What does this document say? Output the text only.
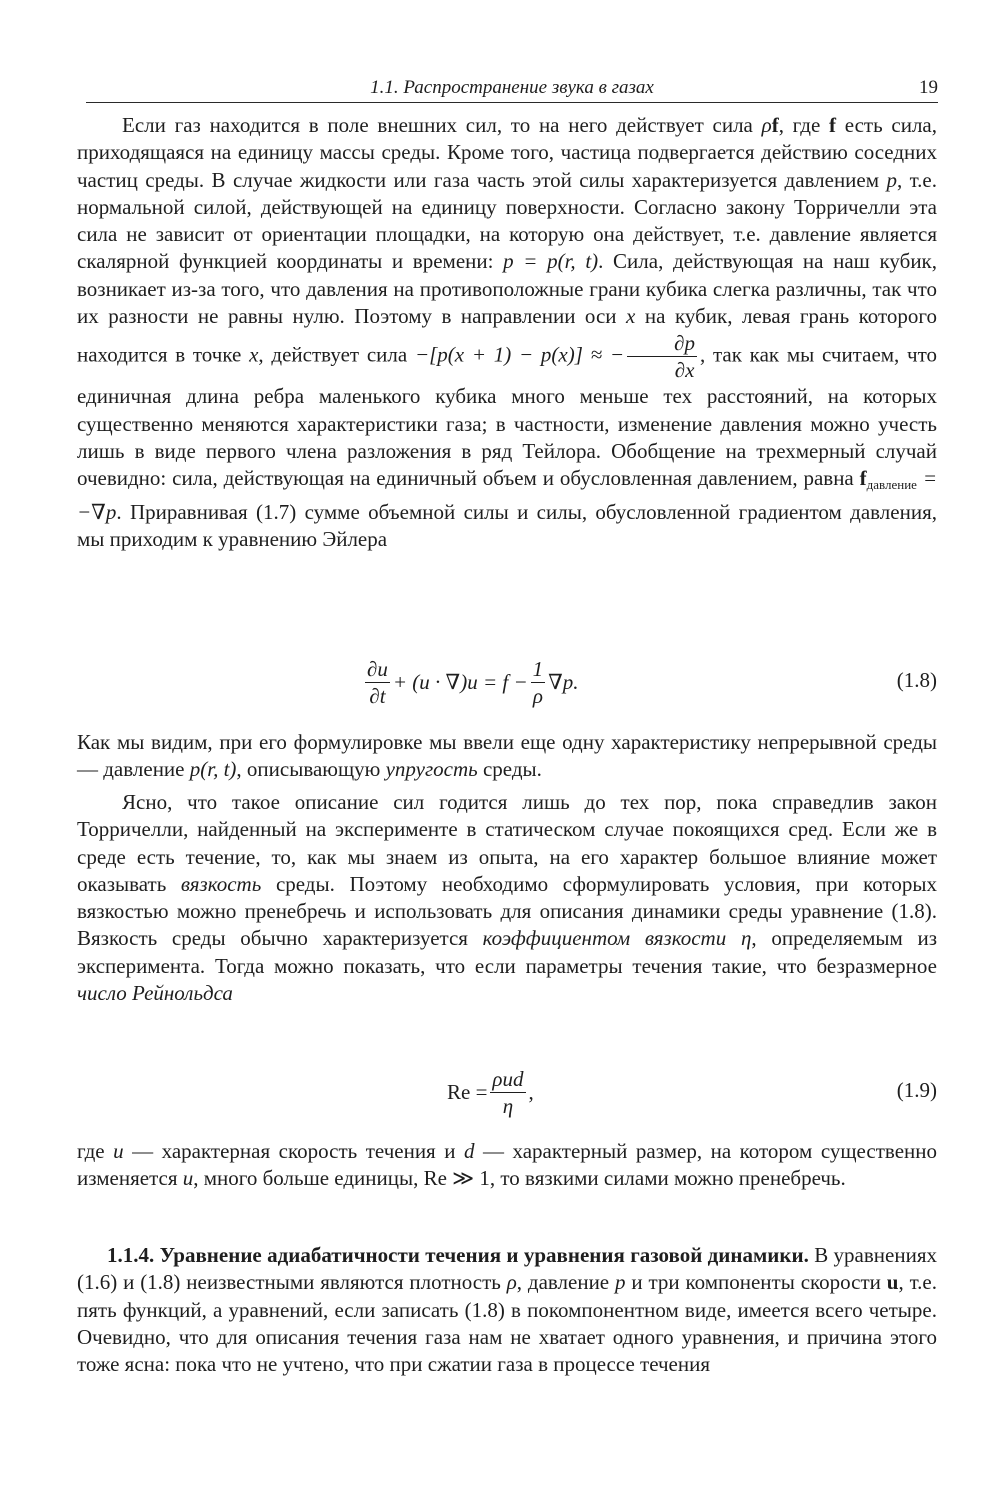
1.1. Распространение звука в газах	19

Если газ находится в поле внешних сил, то на него действует сила ρf, где f есть сила, приходящаяся на единицу массы среды. Кроме того, частица подвергается действию соседних частиц среды. В случае жидкости или газа часть этой силы характеризуется давлением p, т.е. нормальной силой, действующей на единицу поверхности. Согласно закону Торричелли эта сила не зависит от ориентации площадки, на которую она действует, т.е. давление является скалярной функцией координаты и времени: p = p(r, t). Сила, действующая на наш кубик, возникает из-за того, что давления на противоположные грани кубика слегка различны, так что их разности не равны нулю. Поэтому в направлении оси x на кубик, левая грань которого находится в точке x, действует сила −[p(x + 1) − p(x)] ≈ − $\frac{\partial p}{\partial x}$ , так как мы считаем, что единичная длина ребра маленького кубика много меньше тех расстояний, на которых существенно меняются характеристики газа; в частности, изменение давления можно учесть лишь в виде первого члена разложения в ряд Тейлора. Обобщение на трехмерный случай очевидно: сила, действующая на единичный объем и обусловленная давлением, равна $f_{давление} = -\nabla p$. Приравнивая (1.7) сумме объемной силы и силы, обусловленной градиентом давления, мы приходим к уравнению Эйлера

$\frac{\partial u}{\partial t} + (u \cdot \nabla)u = f - \frac{1}{\rho} \nabla p$.	(1.8)

Как мы видим, при его формулировке мы ввели еще одну характеристику непрерывной среды — давление p(r, t), описывающую упругость среды.

Ясно, что такое описание сил годится лишь до тех пор, пока справедлив закон Торричелли, найденный на эксперименте в статическом случае покоящихся сред. Если же в среде есть течение, то, как мы знаем из опыта, на его характер большое влияние может оказывать вязкость среды. Поэтому необходимо сформулировать условия, при которых вязкостью можно пренебречь и использовать для описания динамики среды уравнение (1.8). Вязкость среды обычно характеризуется коэффициентом вязкости η, определяемым из эксперимента. Тогда можно показать, что если параметры течения такие, что безразмерное число Рейнольдса

$Re = \frac{\text{ρud}}{\eta}$ ,	(1.9)

где u — характерная скорость течения и d — характерный размер, на котором существенно изменяется u, много больше единицы, Re ≫ 1, то вязкими силами можно пренебречь.

1.1.4. Уравнение адиабатичности течения и уравнения газовой динамики. В уравнениях (1.6) и (1.8) неизвестными являются плотность ρ, давление p и три компоненты скорости u, т.е. пять функций, а уравнений, если записать (1.8) в покомпонентном виде, имеется всего четыре. Очевидно, что для описания течения газа нам не хватает одного уравнения, и причина этого тоже ясна: пока что не учтено, что при сжатии газа в процессе течения
